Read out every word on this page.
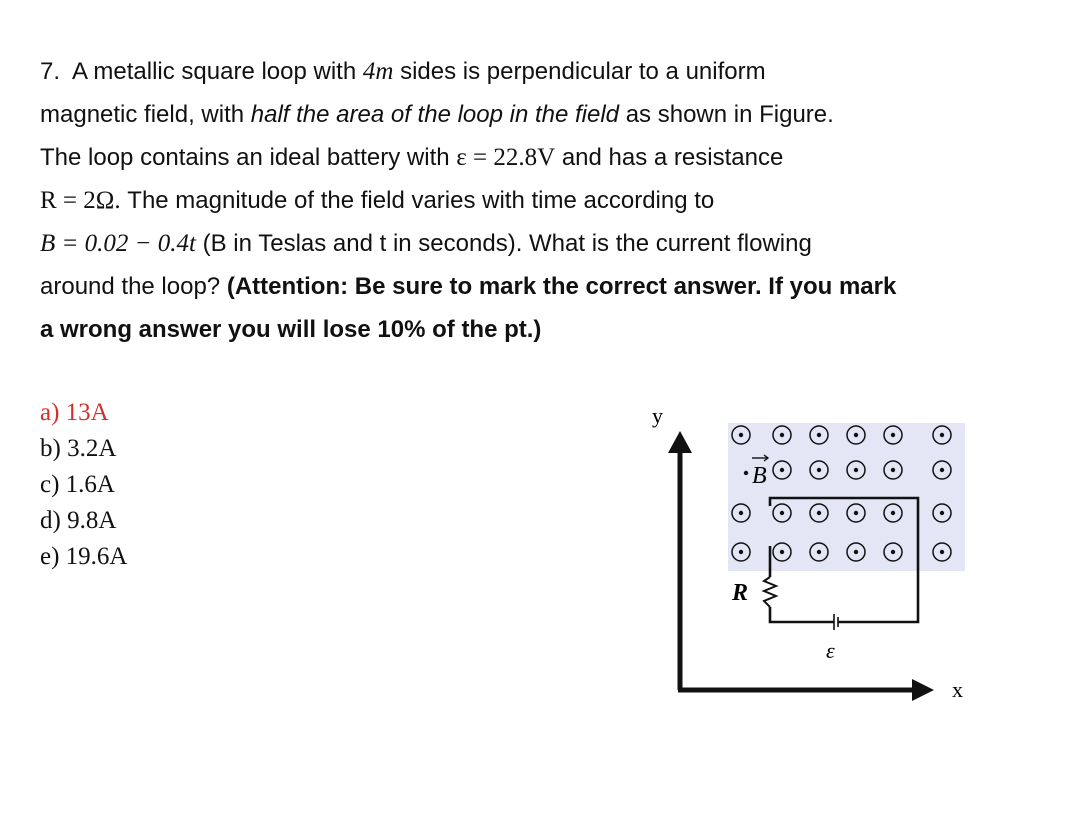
7. A metallic square loop with 4m sides is perpendicular to a uniform

magnetic field, with half the area of the loop in the field as shown in Figure.

The loop contains an ideal battery with ε = 22.8V and has a resistance

R = 2Ω. The magnitude of the field varies with time according to

B = 0.02 − 0.4t (B in Teslas and t in seconds). What is the current flowing

around the loop? (Attention: Be sure to mark the correct answer. If you mark

a wrong answer you will lose 10% of the pt.)

a) 13A
b) 3.2A
c) 1.6A
d) 9.8A
e) 19.6A
B
R
ε
y
x
